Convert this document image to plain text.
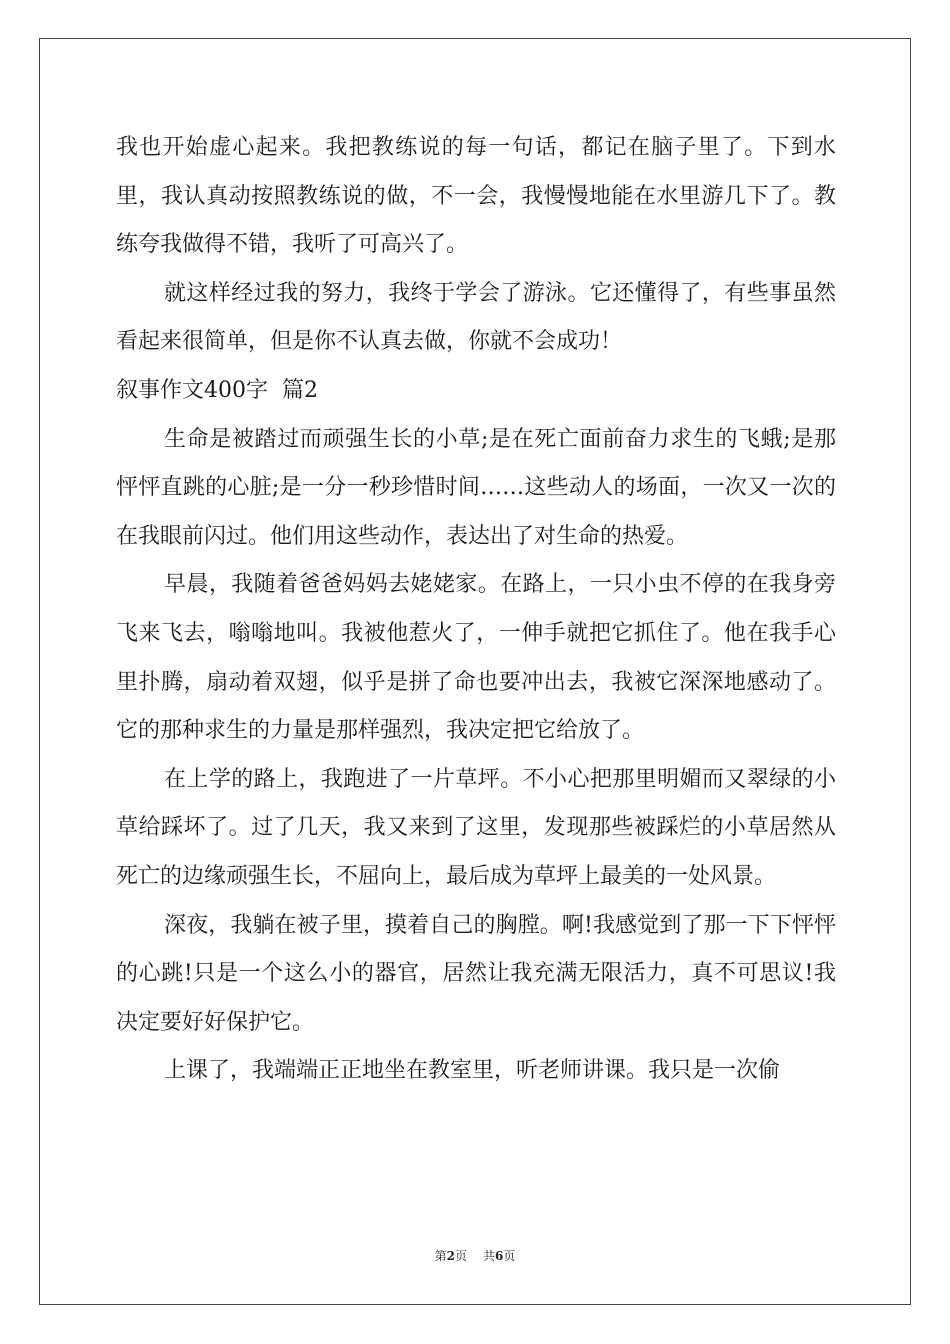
我也开始虚心起来。我把教练说的每一句话，都记在脑子里了。下到水里，我认真动按照教练说的做，不一会，我慢慢地能在水里游几下了。教练夸我做得不错，我听了可高兴了。

就这样经过我的努力，我终于学会了游泳。它还懂得了，有些事虽然看起来很简单，但是你不认真去做，你就不会成功！

叙事作文400字  篇2

生命是被踏过而顽强生长的小草;是在死亡面前奋力求生的飞蛾;是那怦怦直跳的心脏;是一分一秒珍惜时间……这些动人的场面，一次又一次的在我眼前闪过。他们用这些动作，表达出了对生命的热爱。

早晨，我随着爸爸妈妈去姥姥家。在路上，一只小虫不停的在我身旁飞来飞去，嗡嗡地叫。我被他惹火了，一伸手就把它抓住了。他在我手心里扑腾，扇动着双翅，似乎是拼了命也要冲出去，我被它深深地感动了。它的那种求生的力量是那样强烈，我决定把它给放了。

在上学的路上，我跑进了一片草坪。不小心把那里明媚而又翠绿的小草给踩坏了。过了几天，我又来到了这里，发现那些被踩烂的小草居然从死亡的边缘顽强生长，不屈向上，最后成为草坪上最美的一处风景。

深夜，我躺在被子里，摸着自己的胸膛。啊!我感觉到了那一下下怦怦的心跳!只是一个这么小的器官，居然让我充满无限活力，真不可思议!我决定要好好保护它。

上课了，我端端正正地坐在教室里，听老师讲课。我只是一次偷

第2页 共6页
